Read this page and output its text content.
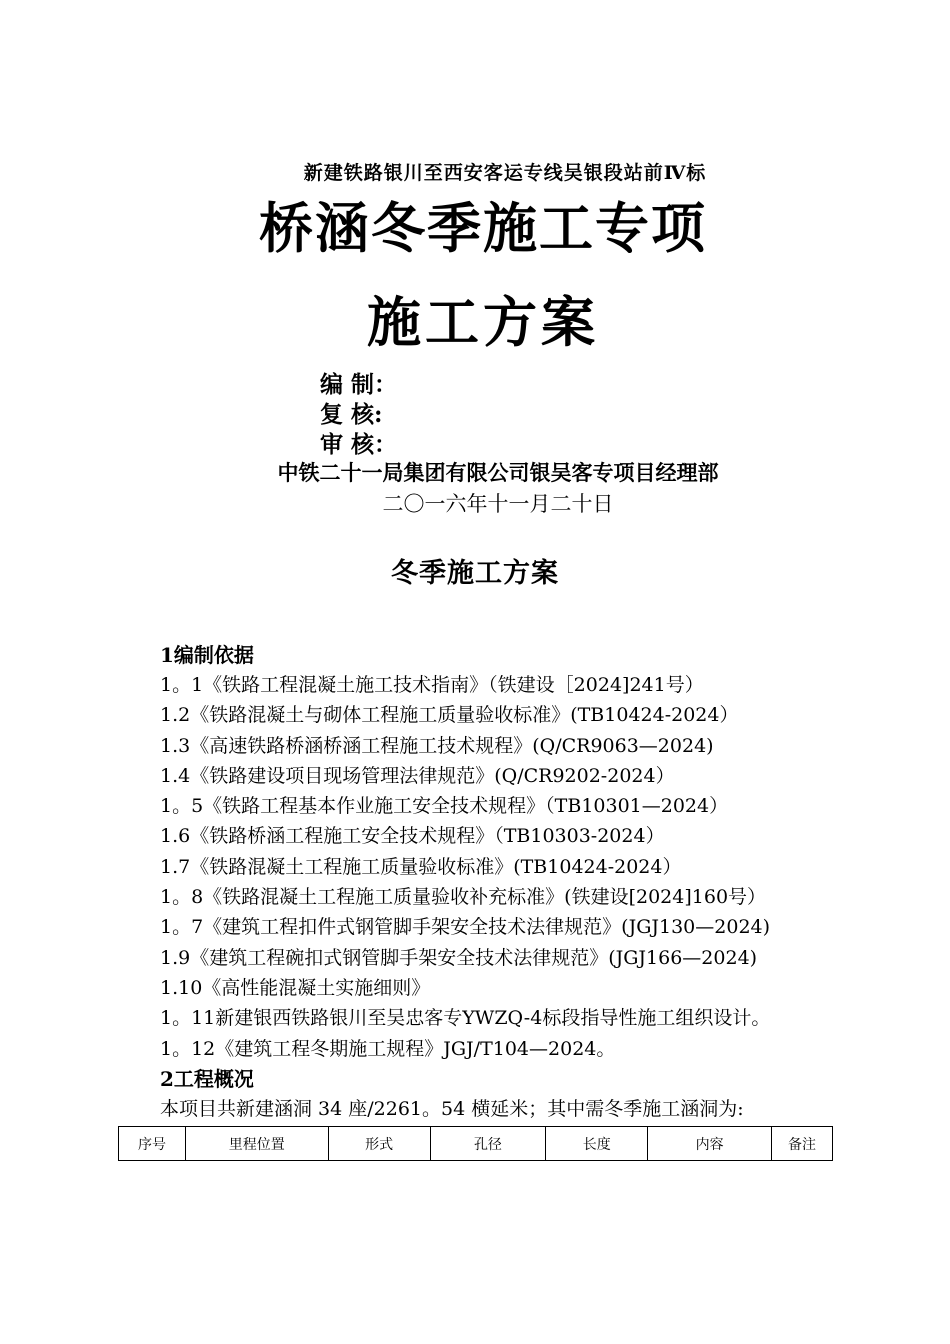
新建铁路银川至西安客运专线吴银段站前Ⅳ标
桥涵冬季施工专项
施工方案
编 制：
复 核:
审 核：
中铁二十一局集团有限公司银吴客专项目经理部
二〇一六年十一月二十日
冬季施工方案
1编制依据
1。1《铁路工程混凝土施工技术指南》（铁建设［2024]241号）
1.2《铁路混凝土与砌体工程施工质量验收标准》(TB10424-2024）
1.3《高速铁路桥涵桥涵工程施工技术规程》(Q/CR9063—2024)
1.4《铁路建设项目现场管理法律规范》(Q/CR9202-2024）
1。5《铁路工程基本作业施工安全技术规程》（TB10301—2024）
1.6《铁路桥涵工程施工安全技术规程》（TB10303-2024）
1.7《铁路混凝土工程施工质量验收标准》(TB10424-2024）
1。8《铁路混凝土工程施工质量验收补充标准》(铁建设[2024]160号）
1。7《建筑工程扣件式钢管脚手架安全技术法律规范》(JGJ130—2024)
1.9《建筑工程碗扣式钢管脚手架安全技术法律规范》(JGJ166—2024)
1.10《高性能混凝土实施细则》
1。11新建银西铁路银川至吴忠客专YWZQ-4标段指导性施工组织设计。
1。12《建筑工程冬期施工规程》JGJ/T104—2024。
2工程概况
本项目共新建涵洞 34 座/2261。54 横延米；其中需冬季施工涵洞为:
序号	里程位置	形式	孔径	长度	内容	备注
